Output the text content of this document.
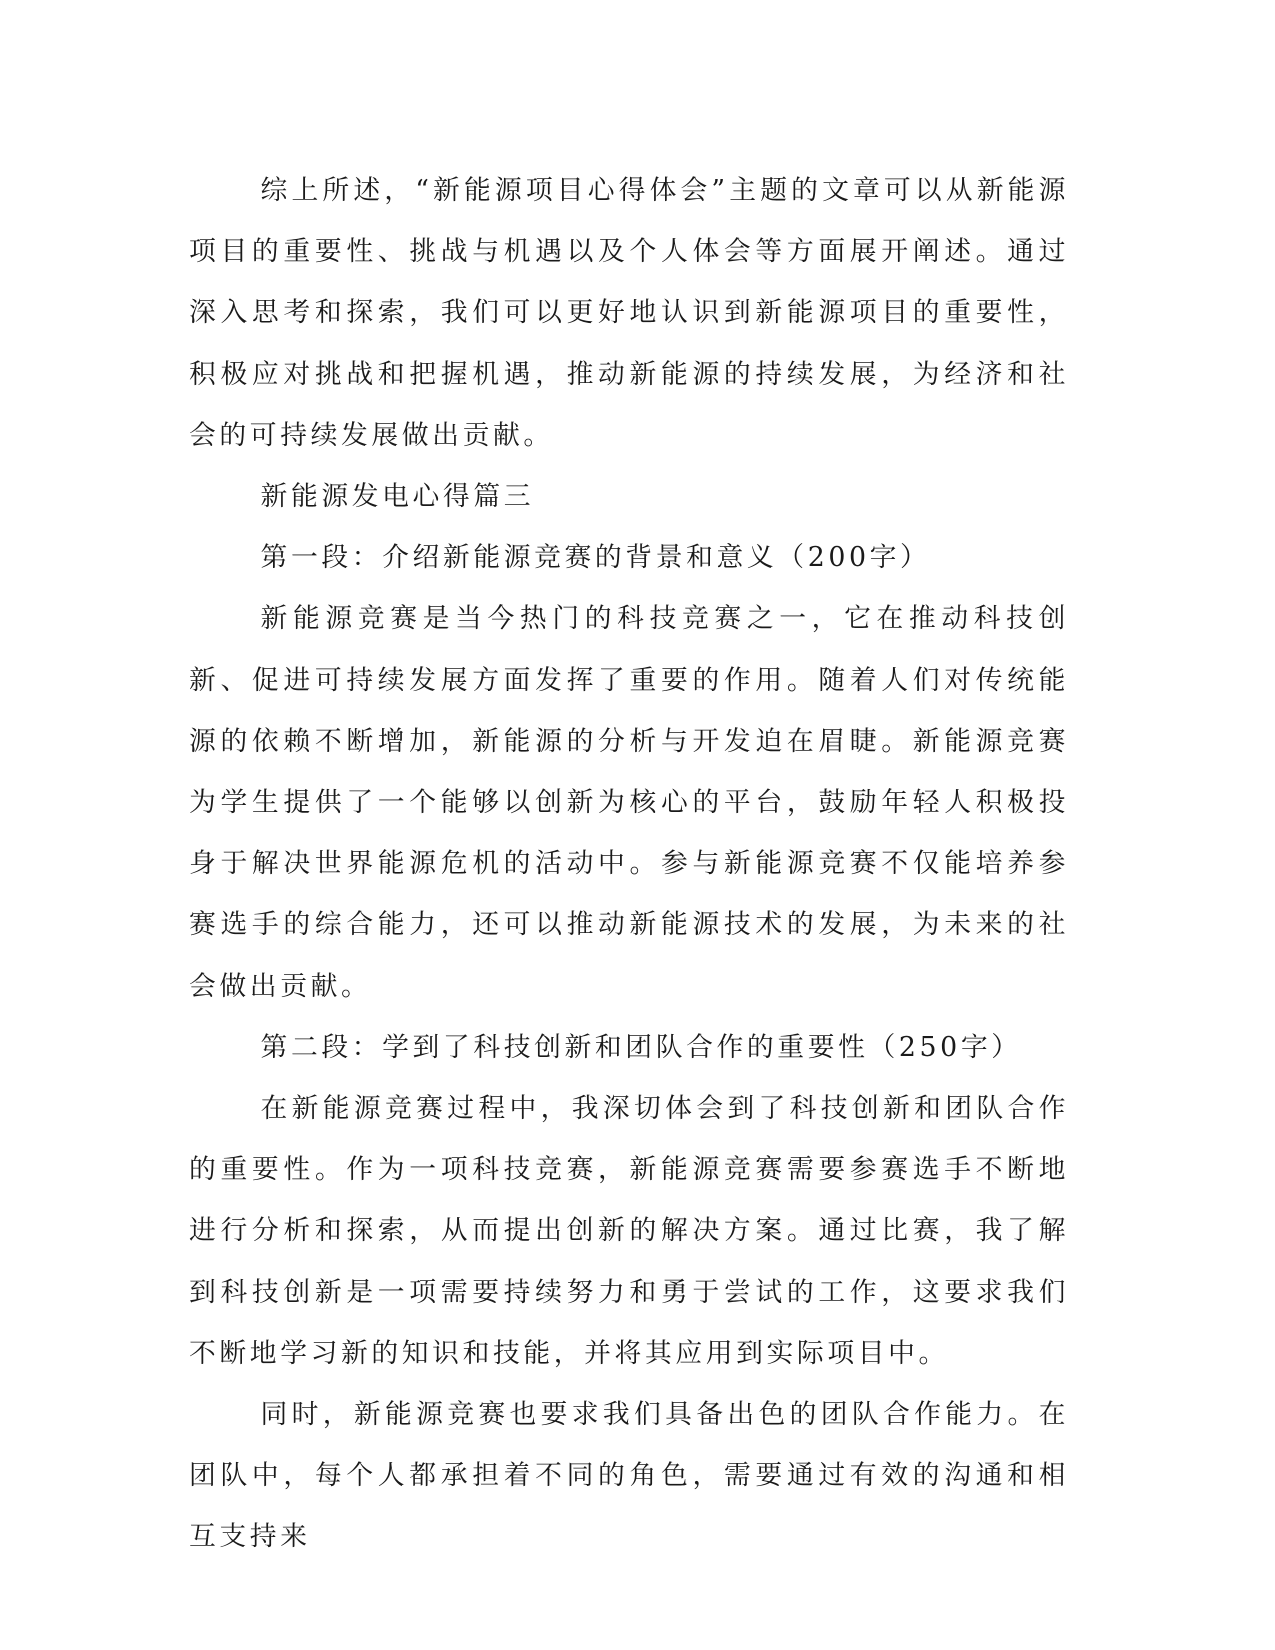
综上所述，“新能源项目心得体会”主题的文章可以从新能源项目的重要性、挑战与机遇以及个人体会等方面展开阐述。通过深入思考和探索，我们可以更好地认识到新能源项目的重要性，积极应对挑战和把握机遇，推动新能源的持续发展，为经济和社会的可持续发展做出贡献。

新能源发电心得篇三

第一段：介绍新能源竞赛的背景和意义（200字）

新能源竞赛是当今热门的科技竞赛之一，它在推动科技创新、促进可持续发展方面发挥了重要的作用。随着人们对传统能源的依赖不断增加，新能源的分析与开发迫在眉睫。新能源竞赛为学生提供了一个能够以创新为核心的平台，鼓励年轻人积极投身于解决世界能源危机的活动中。参与新能源竞赛不仅能培养参赛选手的综合能力，还可以推动新能源技术的发展，为未来的社会做出贡献。

第二段：学到了科技创新和团队合作的重要性（250字）

在新能源竞赛过程中，我深切体会到了科技创新和团队合作的重要性。作为一项科技竞赛，新能源竞赛需要参赛选手不断地进行分析和探索，从而提出创新的解决方案。通过比赛，我了解到科技创新是一项需要持续努力和勇于尝试的工作，这要求我们不断地学习新的知识和技能，并将其应用到实际项目中。

同时，新能源竞赛也要求我们具备出色的团队合作能力。在团队中，每个人都承担着不同的角色，需要通过有效的沟通和相互支持来
